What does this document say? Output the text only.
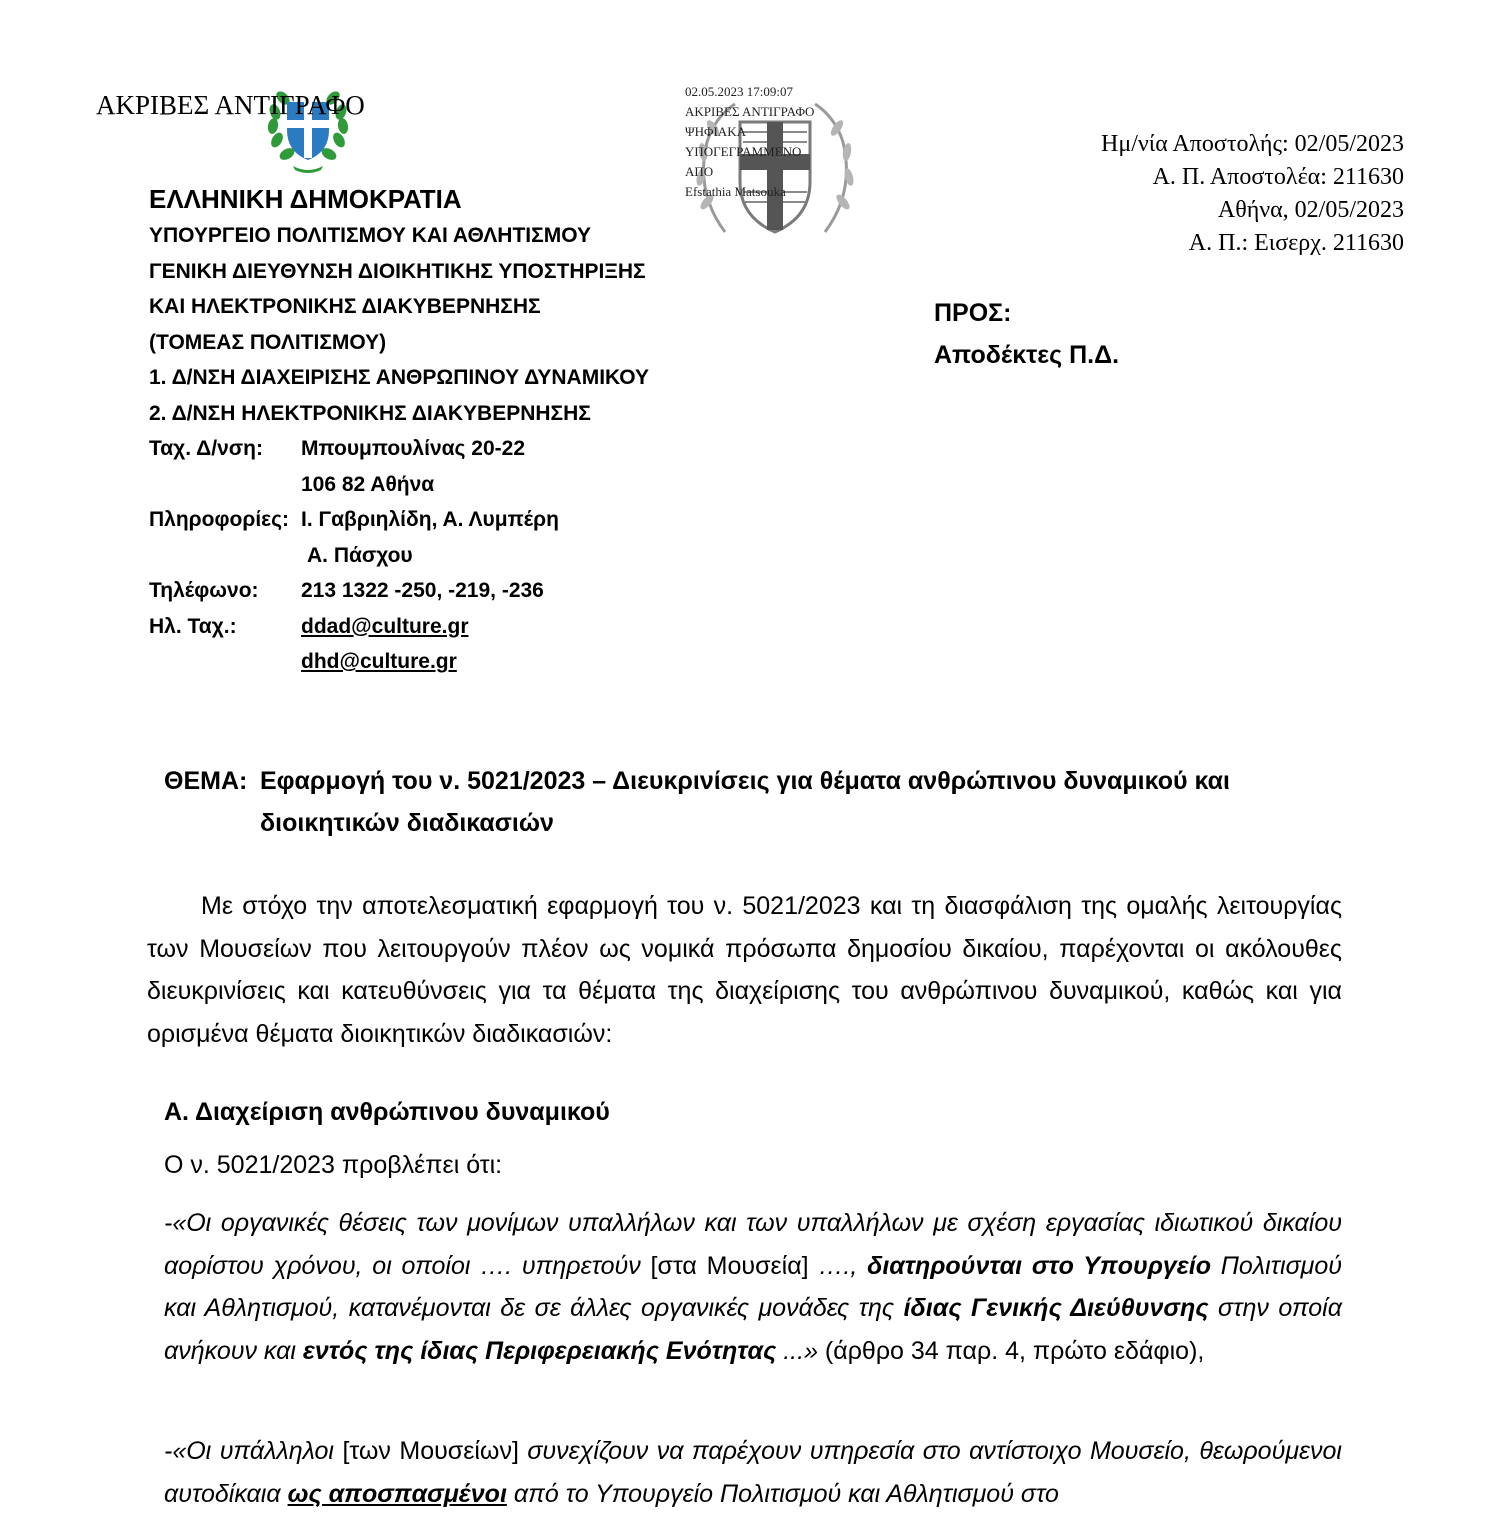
ΑΚΡΙΒΕΣ ΑΝΤΙΓΡΑΦΟ	02.05.2023 17:09:07
ΑΚΡΙΒΕΣ ΑΝΤΙΓΡΑΦΟ
ΨΗΦΙΑΚΑ
ΥΠΟΓΕΓΡΑΜΜΕΝΟ
ΑΠΟ
Efstathia Matsouka
Ημ/νία Αποστολής: 02/05/2023
Α. Π. Αποστολέα: 211630
Αθήνα, 02/05/2023
Α. Π.: Εισερχ. 211630
ΕΛΛΗΝΙΚΗ ΔΗΜΟΚΡΑΤΙΑ
ΥΠΟΥΡΓΕΙΟ ΠΟΛΙΤΙΣΜΟΥ ΚΑΙ ΑΘΛΗΤΙΣΜΟΥ
ΓΕΝΙΚΗ ΔΙΕΥΘΥΝΣΗ ΔΙΟΙΚΗΤΙΚΗΣ ΥΠΟΣΤΗΡΙΞΗΣ
ΚΑΙ ΗΛΕΚΤΡΟΝΙΚΗΣ ΔΙΑΚΥΒΕΡΝΗΣΗΣ
(ΤΟΜΕΑΣ ΠΟΛΙΤΙΣΜΟΥ)
1. Δ/ΝΣΗ ΔΙΑΧΕΙΡΙΣΗΣ ΑΝΘΡΩΠΙΝΟΥ ΔΥΝΑΜΙΚΟΥ
2. Δ/ΝΣΗ ΗΛΕΚΤΡΟΝΙΚΗΣ ΔΙΑΚΥΒΕΡΝΗΣΗΣ
Ταχ. Δ/νση:	Μπουμπουλίνας 20-22
106 82 Αθήνα
Πληροφορίες: Ι. Γαβριηλίδη, Α. Λυμπέρη
Α. Πάσχου
Τηλέφωνο:	213 1322 -250, -219, -236
Ηλ. Ταχ.:	ddad@culture.gr
dhd@culture.gr
ΠΡΟΣ:
Αποδέκτες Π.Δ.
ΘΕΜΑ: Εφαρμογή του ν. 5021/2023 – Διευκρινίσεις για θέματα ανθρώπινου δυναμικού και διοικητικών διαδικασιών
Με στόχο την αποτελεσματική εφαρμογή του ν. 5021/2023 και τη διασφάλιση της ομαλής λειτουργίας των Μουσείων που λειτουργούν πλέον ως νομικά πρόσωπα δημοσίου δικαίου, παρέχονται οι ακόλουθες διευκρινίσεις και κατευθύνσεις για τα θέματα της διαχείρισης του ανθρώπινου δυναμικού, καθώς και για ορισμένα θέματα διοικητικών διαδικασιών:
Α. Διαχείριση ανθρώπινου δυναμικού
Ο ν. 5021/2023 προβλέπει ότι:
-«Οι οργανικές θέσεις των μονίμων υπαλλήλων και των υπαλλήλων με σχέση εργασίας ιδιωτικού δικαίου αορίστου χρόνου, οι οποίοι …. υπηρετούν [στα Μουσεία] …., διατηρούνται στο Υπουργείο Πολιτισμού και Αθλητισμού, κατανέμονται δε σε άλλες οργανικές μονάδες της ίδιας Γενικής Διεύθυνσης στην οποία ανήκουν και εντός της ίδιας Περιφερειακής Ενότητας ...» (άρθρο 34 παρ. 4, πρώτο εδάφιο),
-«Οι υπάλληλοι [των Μουσείων] συνεχίζουν να παρέχουν υπηρεσία στο αντίστοιχο Μουσείο, θεωρούμενοι αυτοδίκαια ως αποσπασμένοι από το Υπουργείο Πολιτισμού και Αθλητισμού στο
